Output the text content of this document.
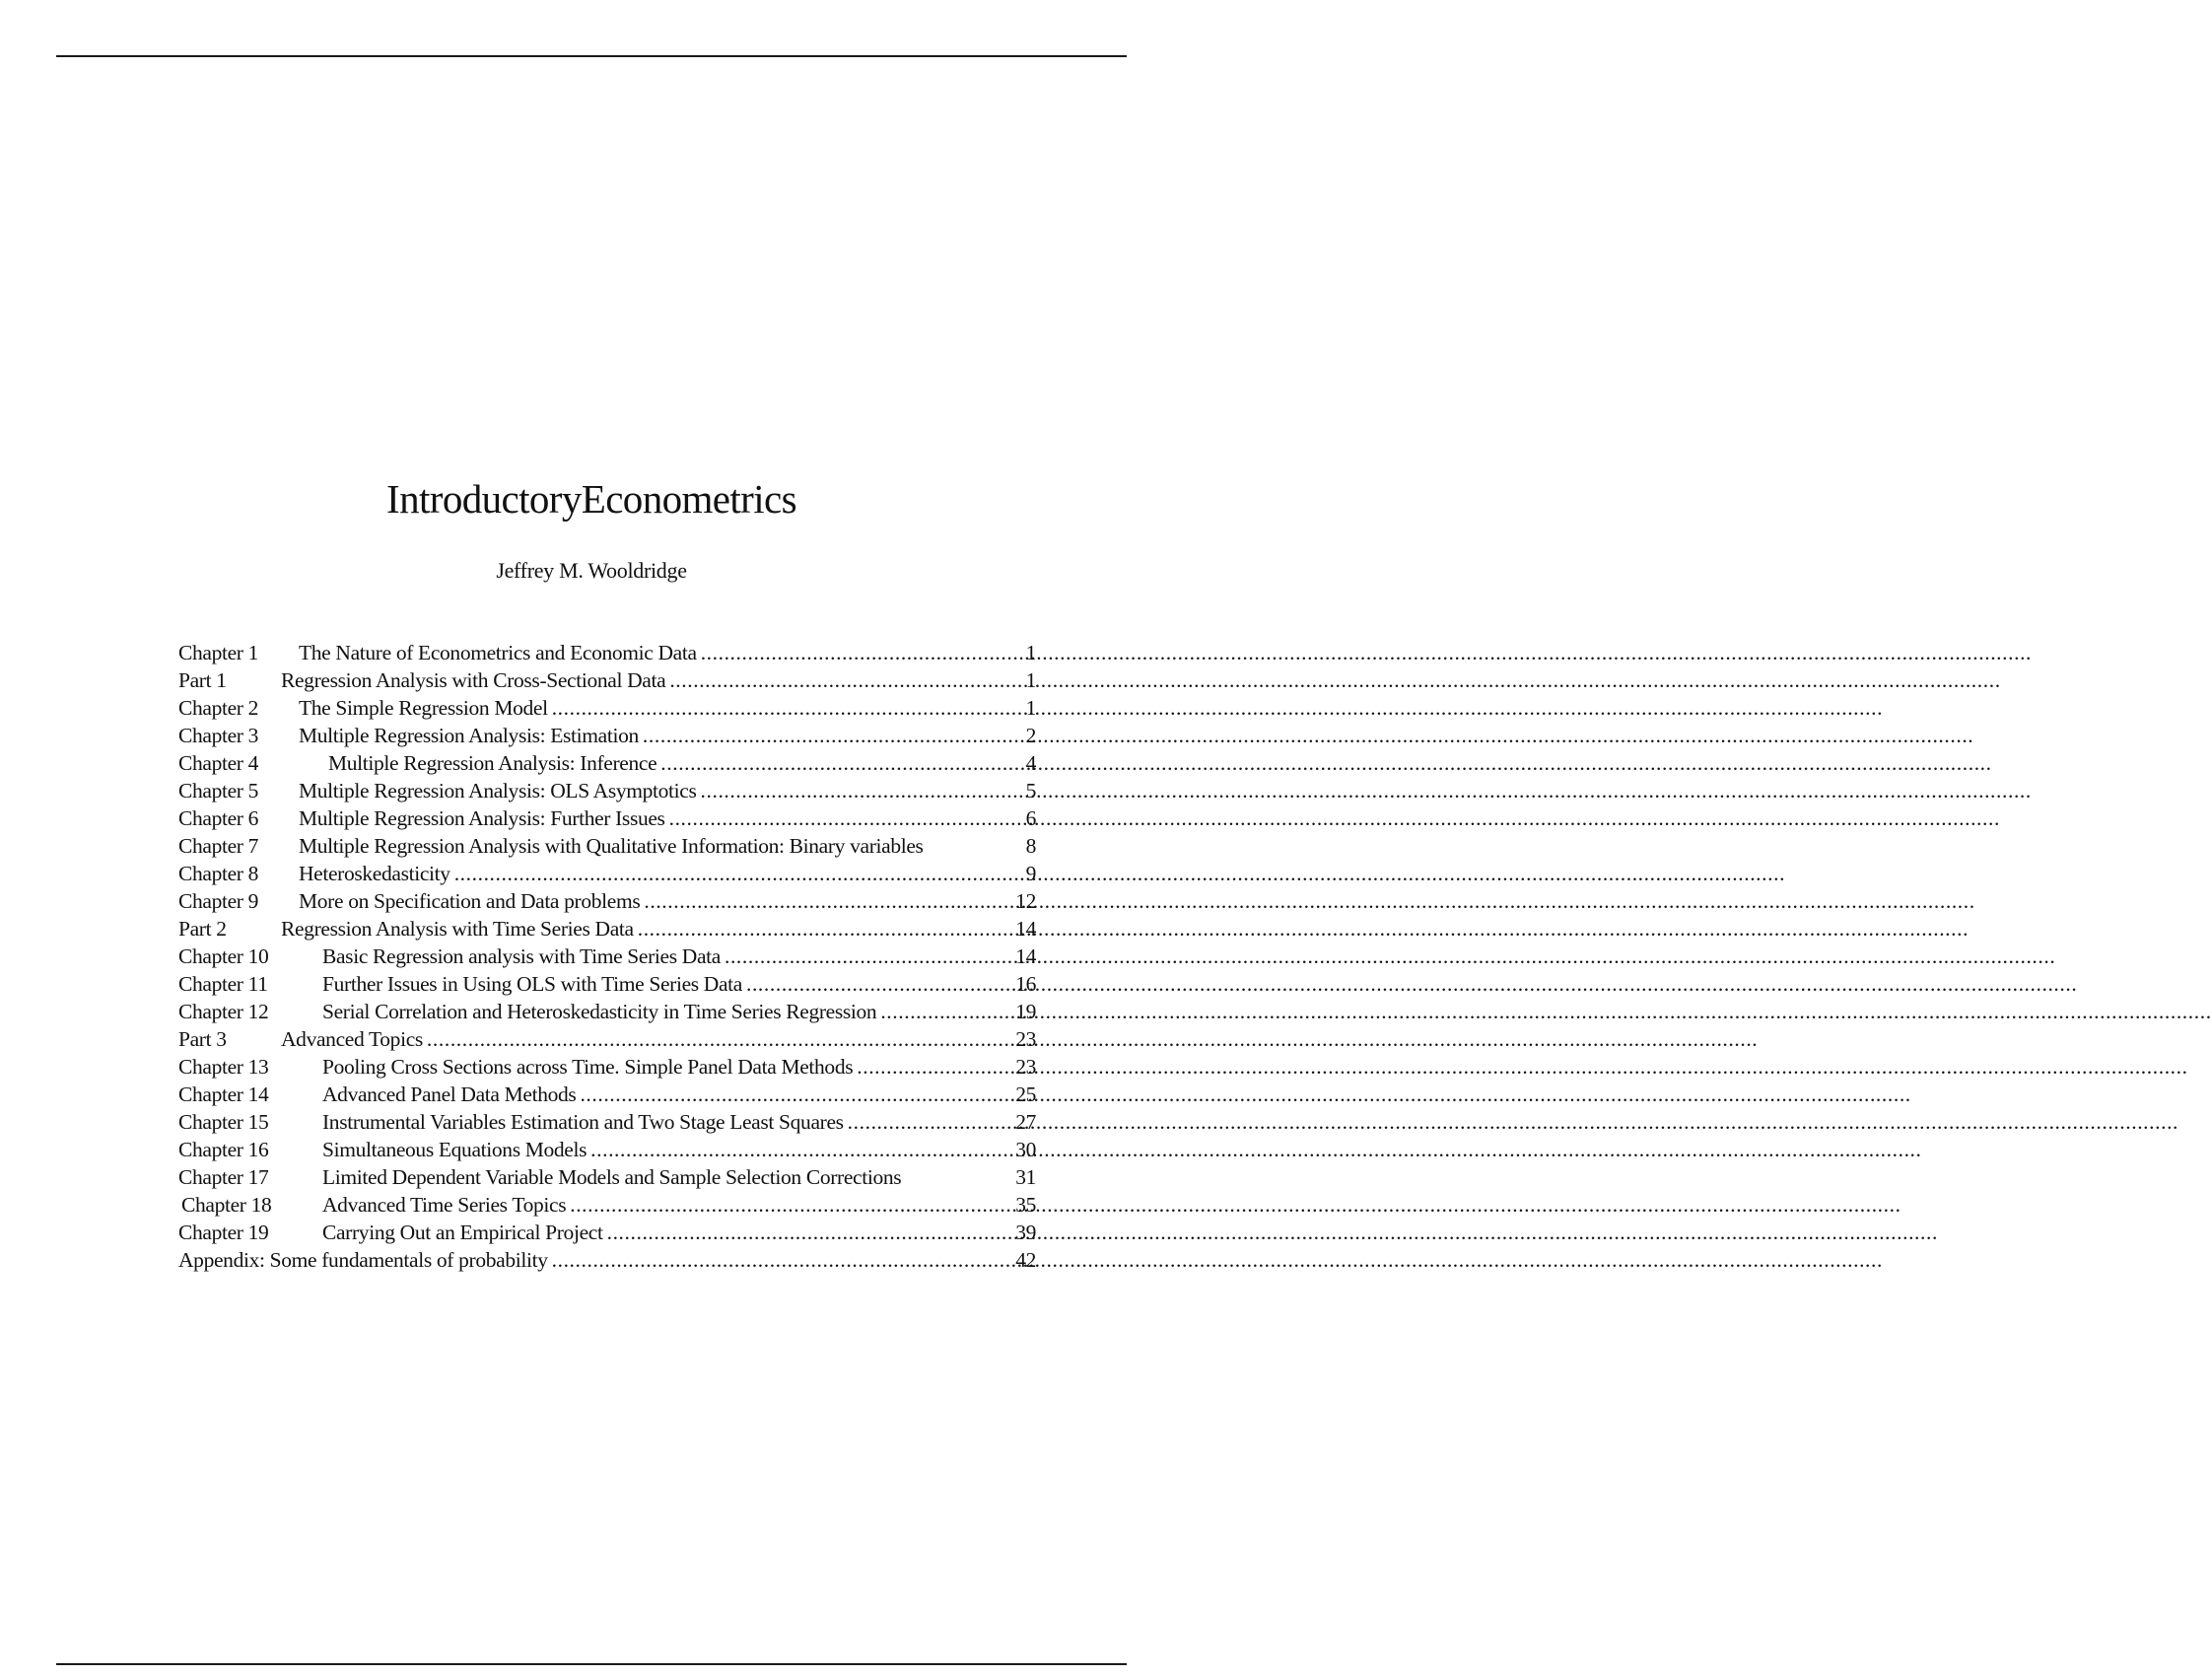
IntroductoryEconometrics
Jeffrey M. Wooldridge
Chapter 1	The Nature of Econometrics and Economic Data .....	1
Part 1	Regression Analysis with Cross-Sectional Data .....	1
Chapter 2	The Simple Regression Model .....	1
Chapter 3	Multiple Regression Analysis: Estimation .....	2
Chapter 4	Multiple Regression Analysis: Inference .....	4
Chapter 5	Multiple Regression Analysis: OLS Asymptotics .....	5
Chapter 6	Multiple Regression Analysis: Further Issues .....	6
Chapter 7	Multiple Regression Analysis with Qualitative Information: Binary variables	8
Chapter 8	Heteroskedasticity .....	9
Chapter 9	More on Specification and Data problems .....	12
Part 2	Regression Analysis with Time Series Data .....	14
Chapter 10	Basic Regression analysis with Time Series Data .....	14
Chapter 11	Further Issues in Using OLS with Time Series Data .....	16
Chapter 12	Serial Correlation and Heteroskedasticity in Time Series Regression .....	19
Part 3	Advanced Topics .....	23
Chapter 13	Pooling Cross Sections across Time. Simple Panel Data Methods .....	23
Chapter 14	Advanced Panel Data Methods .....	25
Chapter 15	Instrumental Variables Estimation and Two Stage Least Squares .....	27
Chapter 16	Simultaneous Equations Models .....	30
Chapter 17	Limited Dependent Variable Models and Sample Selection Corrections	31
Chapter 18	Advanced Time Series Topics .....	35
Chapter 19	Carrying Out an Empirical Project .....	39
Appendix: Some fundamentals of probability .....	42
